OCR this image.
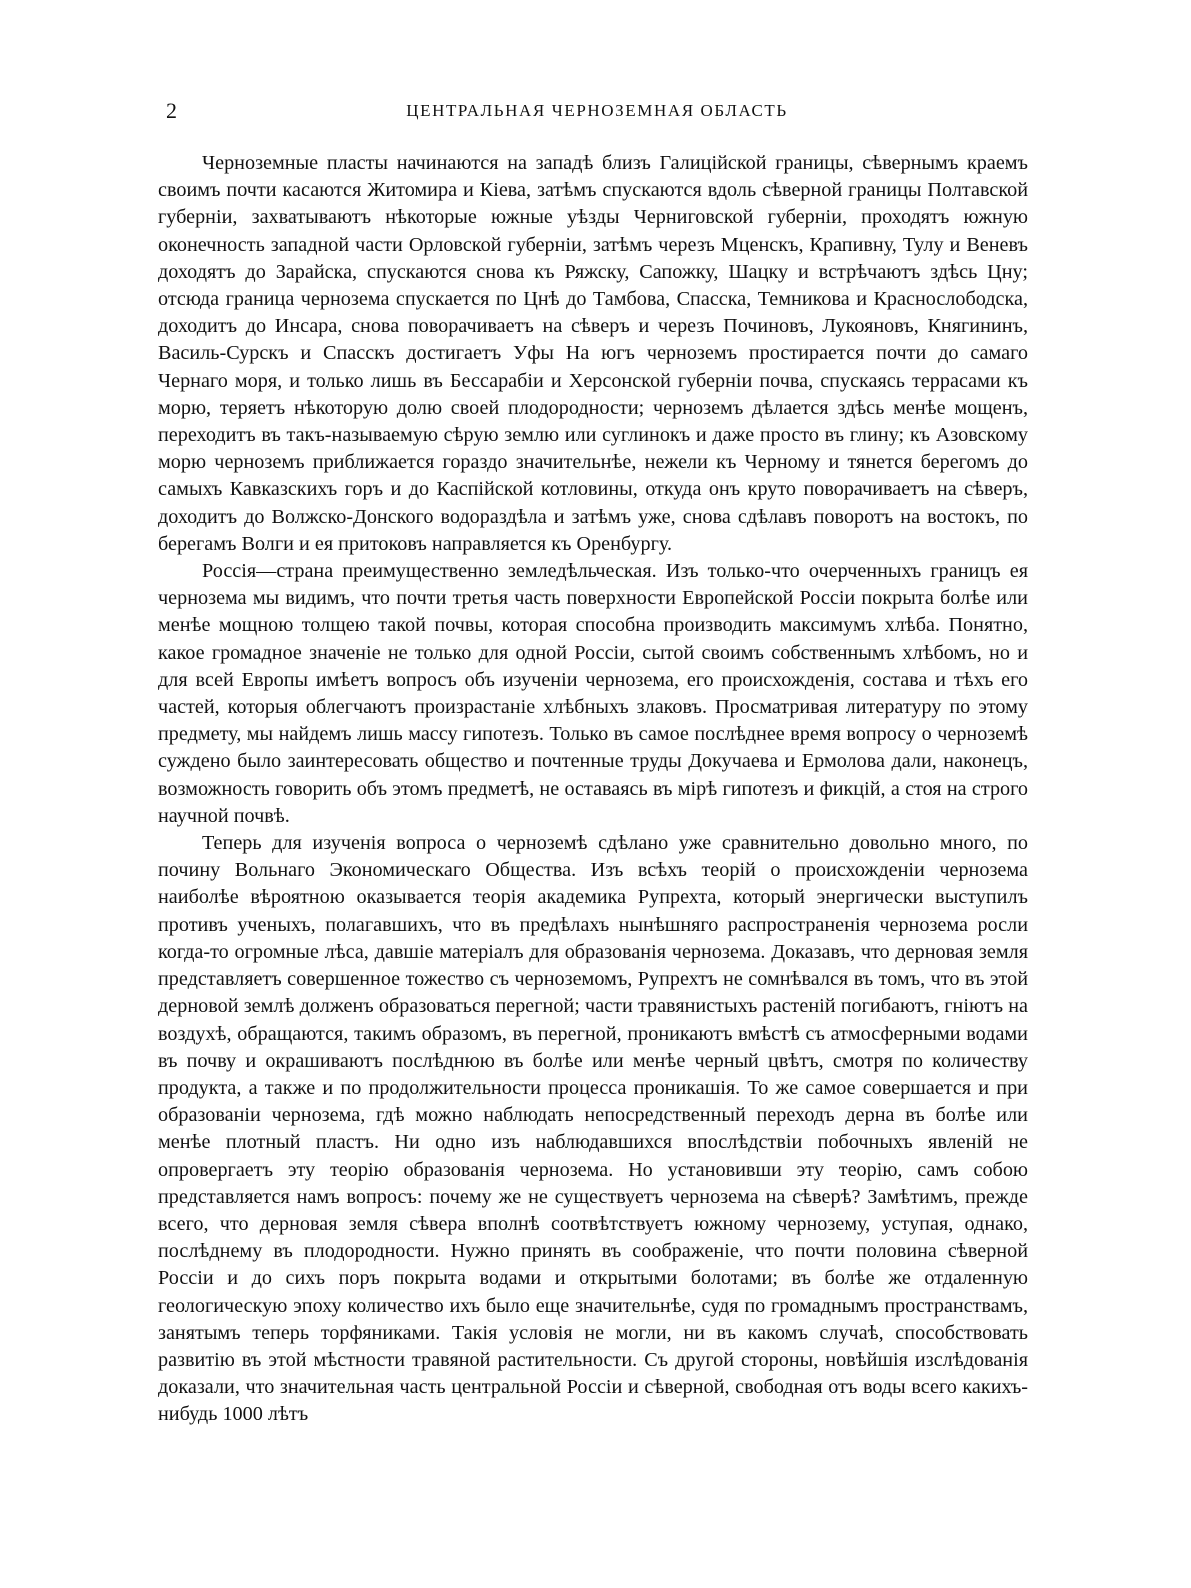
2	ЦЕНТРАЛЬНАЯ ЧЕРНОЗЕМНАЯ ОБЛАСТЬ

Черноземные пласты начинаются на западѣ близъ Галицiйской границы, сѣвернымъ краемъ своимъ почти касаются Житомира и Кiева, затѣмъ спускаются вдоль сѣверной границы Полтавской губернiи, захватываютъ нѣкоторые южные уѣзды Черниговской губернiи, проходятъ южную оконечность западной части Орловской губернiи, затѣмъ черезъ Мценскъ, Крапивну, Тулу и Веневъ доходятъ до Зарайска, спускаются снова къ Ряжску, Сапожку, Шацку и встрѣчаютъ здѣсь Цну; отсюда граница чернозема спускается по Цнѣ до Тамбова, Спасска, Темникова и Краснослободска, доходитъ до Инсара, снова поворачиваетъ на сѣверъ и черезъ Починовъ, Лукояновъ, Княгининъ, Василь-Сурскъ и Спасскъ достигаетъ Уфы На югъ черноземъ простирается почти до самаго Чернаго моря, и только лишь въ Бессарабiи и Херсонской губернiи почва, спускаясь террасами къ морю, теряетъ нѣкоторую долю своей плодородности; черноземъ дѣлается здѣсь менѣе мощенъ, переходитъ въ такъ-называемую сѣрую землю или суглинокъ и даже просто въ глину; къ Азовскому морю черноземъ приближается гораздо значительнѣе, нежели къ Черному и тянется берегомъ до самыхъ Кавказскихъ горъ и до Каспiйской котловины, откуда онъ круто поворачиваетъ на сѣверъ, доходитъ до Волжско-Донского водораздѣла и затѣмъ уже, снова сдѣлавъ поворотъ на востокъ, по берегамъ Волги и ея притоковъ направляется къ Оренбургу.

Россiя—страна преимущественно земледѣльческая. Изъ только-что очерченныхъ границъ ея чернозема мы видимъ, что почти третья часть поверхности Европейской Россiи покрыта болѣе или менѣе мощною толщею такой почвы, которая способна производить максимумъ хлѣба. Понятно, какое громадное значенiе не только для одной Россiи, сытой своимъ собственнымъ хлѣбомъ, но и для всей Европы имѣетъ вопросъ объ изученiи чернозема, его происхожденiя, состава и тѣхъ его частей, которыя облегчаютъ произрастанiе хлѣбныхъ злаковъ. Просматривая литературу по этому предмету, мы найдемъ лишь массу гипотезъ. Только въ самое послѣднее время вопросу о черноземѣ суждено было заинтересовать общество и почтенные труды Докучаева и Ермолова дали, наконецъ, возможность говорить объ этомъ предметѣ, не оставаясь въ мiрѣ гипотезъ и фикцiй, а стоя на строго научной почвѣ.

Теперь для изученiя вопроса о черноземѣ сдѣлано уже сравнительно довольно много, по почину Вольнаго Экономическаго Общества. Изъ всѣхъ теорiй о происхожденiи чернозема наиболѣе вѣроятною оказывается теорiя академика Рупрехта, который энергически выступилъ противъ ученыхъ, полагавшихъ, что въ предѣлахъ нынѣшняго распространенiя чернозема росли когда-то огромные лѣса, давшiе матерiалъ для образованiя чернозема. Доказавъ, что дерновая земля представляетъ совершенное тожество съ черноземомъ, Рупрехтъ не сомнѣвался въ томъ, что въ этой дерновой землѣ долженъ образоваться перегной; части травянистыхъ растенiй погибаютъ, гнiютъ на воздухѣ, обращаются, такимъ образомъ, въ перегной, проникаютъ вмѣстѣ съ атмосферными водами въ почву и окрашиваютъ послѣднюю въ болѣе или менѣе черный цвѣтъ, смотря по количеству продукта, а также и по продолжительности процесса проникашiя. То же самое совершается и при образованiи чернозема, гдѣ можно наблюдать непосредственный переходъ дерна въ болѣе или менѣе плотный пластъ. Ни одно изъ наблюдавшихся впослѣдствiи побочныхъ явленiй не опровергаетъ эту теорiю образованiя чернозема. Но установивши эту теорiю, самъ собою представляется намъ вопросъ: почему же не существуетъ чернозема на сѣверѣ? Замѣтимъ, прежде всего, что дерновая земля сѣвера вполнѣ соотвѣтствуетъ южному чернозему, уступая, однако, послѣднему въ плодородности. Нужно принять въ соображенiе, что почти половина сѣверной Россiи и до сихъ поръ покрыта водами и открытыми болотами; въ болѣе же отдаленную геологическую эпоху количество ихъ было еще значительнѣе, судя по громаднымъ пространствамъ, занятымъ теперь торфяниками. Такiя условiя не могли, ни въ какомъ случаѣ, способствовать развитiю въ этой мѣстности травяной растительности. Съ другой стороны, новѣйшiя изслѣдованiя доказали, что значительная часть центральной Россiи и сѣверной, свободная отъ воды всего какихъ-нибудь 1000 лѣтъ
